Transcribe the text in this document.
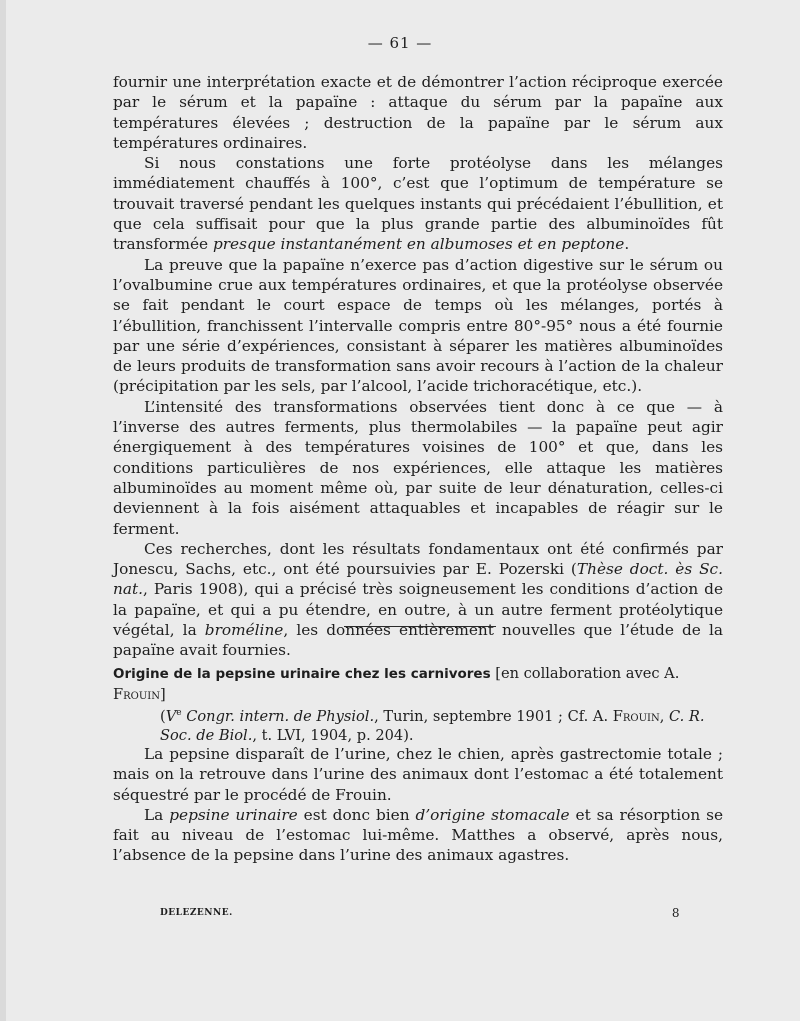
— 61 —

fournir une interprétation exacte et de démontrer l’action réciproque exercée par le sérum et la papaïne : attaque du sérum par la papaïne aux températures élevées ; destruction de la papaïne par le sérum aux températures ordinaires.

Si nous constations une forte protéolyse dans les mélanges immédiatement chauffés à 100°, c’est que l’optimum de température se trouvait traversé pendant les quelques instants qui précédaient l’ébullition, et que cela suffisait pour que la plus grande partie des albuminoïdes fût transformée presque instantanément en albumoses et en peptone.

La preuve que la papaïne n’exerce pas d’action digestive sur le sérum ou l’ovalbumine crue aux températures ordinaires, et que la protéolyse observée se fait pendant le court espace de temps où les mélanges, portés à l’ébullition, franchissent l’intervalle compris entre 80°-95° nous a été fournie par une série d’expériences, consistant à séparer les matières albuminoïdes de leurs produits de transformation sans avoir recours à l’action de la chaleur (précipitation par les sels, par l’alcool, l’acide trichoracétique, etc.).

L’intensité des transformations observées tient donc à ce que — à l’inverse des autres ferments, plus thermolabiles — la papaïne peut agir énergiquement à des températures voisines de 100° et que, dans les conditions particulières de nos expériences, elle attaque les matières albuminoïdes au moment même où, par suite de leur dénaturation, celles-ci deviennent à la fois aisément attaquables et incapables de réagir sur le ferment.

Ces recherches, dont les résultats fondamentaux ont été confirmés par Jonescu, Sachs, etc., ont été poursuivies par E. Pozerski (Thèse doct. ès Sc. nat., Paris 1908), qui a précisé très soigneusement les conditions d’action de la papaïne, et qui a pu étendre, en outre, à un autre ferment protéolytique végétal, la broméline, les données entièrement nouvelles que l’étude de la papaïne avait fournies.

Origine de la pepsine urinaire chez les carnivores [en collaboration avec A. Frouin]
(Ve Congr. intern. de Physiol., Turin, septembre 1901 ; Cf. A. Frouin, C. R. Soc. de Biol., t. LVI, 1904, p. 204).

La pepsine disparaît de l’urine, chez le chien, après gastrectomie totale ; mais on la retrouve dans l’urine des animaux dont l’estomac a été totalement séquestré par le procédé de Frouin.

La pepsine urinaire est donc bien d’origine stomacale et sa résorption se fait au niveau de l’estomac lui-même. Matthes a observé, après nous, l’absence de la pepsine dans l’urine des animaux agastres.

DELEZENNE.	8
